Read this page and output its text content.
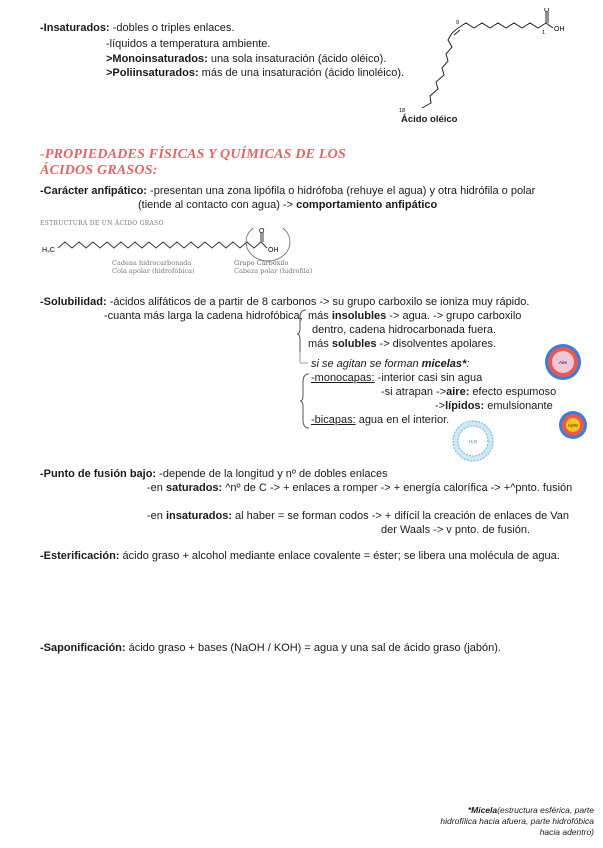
-Insaturados: -dobles o triples enlaces.
-líquidos a temperatura ambiente.
>Monoinsaturados: una sola insaturación (ácido oléico).
>Poliinsaturados: más de una insaturación (ácido linoléico).
O
OH
9
1
18
Ácido oléico
-PROPIEDADES FÍSICAS Y QUÍMICAS DE LOS
ÁCIDOS GRASOS:
-Carácter anfipático: -presentan una zona lipófila o hidrófoba (rehuye el agua) y otra hidrófila o polar
(tiende al contacto con agua) -> comportamiento anfipático
ESTRUCTURA DE UN ÁCIDO GRASO
H₃C
O
OH
Cadena hidrocarbonada
Cola apolar (hidrofóbica)
Grupo Carboxilo
Cabeza polar (hidrofila)
-Solubilidad: -ácidos alifáticos de a partir de 8 carbonos -> su grupo carboxilo se ioniza muy rápido.
-cuanta más larga la cadena hidrofóbica, más insolubles -> agua. -> grupo carboxilo
dentro, cadena hidrocarbonada fuera.
más solubles -> disolventes apolares.
si se agitan se forman micelas*:
-monocapas: -interior casi sin agua
-si atrapan ->aire: efecto espumoso
->lípidos: emulsionante
-bicapas: agua en el interior.
Aire
Lípido
H₂O
-Punto de fusión bajo: -depende de la longitud y nº de dobles enlaces
-en saturados: ^nº de C -> + enlaces a romper -> + energía calorífica -> +^pnto. fusión
-en insaturados: al haber = se forman codos -> + difícil la creación de enlaces de Van
der Waals -> v pnto. de fusión.
-Esterificación: ácido graso + alcohol mediante enlace covalente = éster; se libera una molécula de agua.
-Saponificación: ácido graso + bases (NaOH / KOH) = agua y una sal de ácido graso (jabón).
*Micela(estructura esférica, parte
hidrofílica hacia afuera, parte hidrofóbica
hacia adentro)
